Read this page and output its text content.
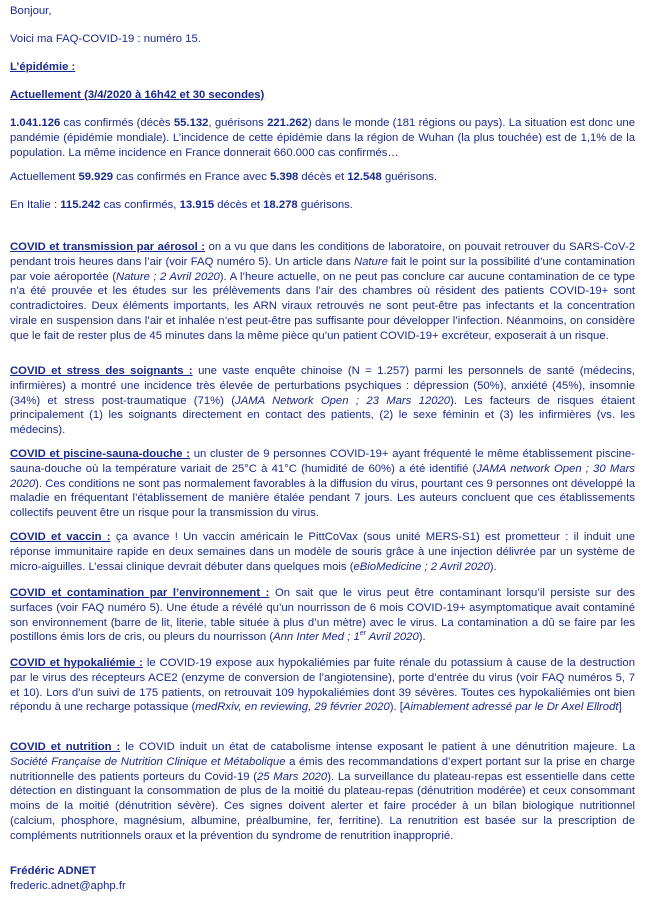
Bonjour,

Voici ma FAQ-COVID-19 : numéro 15.

L’épidémie :

Actuellement (3/4/2020 à 16h42 et 30 secondes)

1.041.126 cas confirmés (décès 55.132, guérisons 221.262) dans le monde (181 régions ou pays). La situation est donc une pandémie (épidémie mondiale). L’incidence de cette épidémie dans la région de Wuhan (la plus touchée) est de 1,1% de la population. La même incidence en France donnerait 660.000 cas confirmés…

Actuellement 59.929 cas confirmés en France avec 5.398 décès et 12.548 guérisons.

En Italie : 115.242 cas confirmés, 13.915 décès et 18.278 guérisons.

COVID et transmission par aérosol : on a vu que dans les conditions de laboratoire, on pouvait retrouver du SARS-CoV-2 pendant trois heures dans l’air (voir FAQ numéro 5). Un article dans Nature fait le point sur la possibilité d’une contamination par voie aéroportée (Nature ; 2 Avril 2020). A l’heure actuelle, on ne peut pas conclure car aucune contamination de ce type n’a été prouvée et les études sur les prélèvements dans l’air des chambres où résident des patients COVID-19+ sont contradictoires. Deux éléments importants, les ARN viraux retrouvés ne sont peut-être pas infectants et la concentration virale en suspension dans l’air et inhalée n’est peut-être pas suffisante pour développer l’infection. Néanmoins, on considère que le fait de rester plus de 45 minutes dans la même pièce qu’un patient COVID-19+ excréteur, exposerait à un risque.

COVID et stress des soignants : une vaste enquête chinoise (N = 1.257) parmi les personnels de santé (médecins, infirmières) a montré une incidence très élevée de perturbations psychiques : dépression (50%), anxiété (45%), insomnie (34%) et stress post-traumatique (71%) (JAMA Network Open ; 23 Mars 12020). Les facteurs de risques étaient principalement (1) les soignants directement en contact des patients, (2) le sexe féminin et (3) les infirmières (vs. les médecins).

COVID et piscine-sauna-douche : un cluster de 9 personnes COVID-19+ ayant fréquenté le même établissement piscine-sauna-douche où la température variait de 25°C à 41°C (humidité de 60%) a été identifié (JAMA network Open ; 30 Mars 2020). Ces conditions ne sont pas normalement favorables à la diffusion du virus, pourtant ces 9 personnes ont développé la maladie en fréquentant l’établissement de manière étalée pendant 7 jours. Les auteurs concluent que ces établissements collectifs peuvent être un risque pour la transmission du virus.

COVID et vaccin : ça avance ! Un vaccin américain le PittCoVax (sous unité MERS-S1) est prometteur : il induit une réponse immunitaire rapide en deux semaines dans un modèle de souris grâce à une injection délivrée par un système de micro-aiguilles. L’essai clinique devrait débuter dans quelques mois (eBioMedicine ; 2 Avril 2020).

COVID et contamination par l’environnement : On sait que le virus peut être contaminant lorsqu’il persiste sur des surfaces (voir FAQ numéro 5). Une étude a révélé qu’un nourrisson de 6 mois COVID-19+ asymptomatique avait contaminé son environnement (barre de lit, literie, table située à plus d’un mètre) avec le virus. La contamination a dû se faire par les postillons émis lors de cris, ou pleurs du nourrisson (Ann Inter Med ; 1er Avril 2020).

COVID et hypokaliémie : le COVID-19 expose aux hypokaliémies par fuite rénale du potassium à cause de la destruction par le virus des récepteurs ACE2 (enzyme de conversion de l’angiotensine), porte d’entrée du virus (voir FAQ numéros 5, 7 et 10). Lors d’un suivi de 175 patients, on retrouvait 109 hypokaliémies dont 39 sévères. Toutes ces hypokaliémies ont bien répondu à une recharge potassique (medRxiv, en reviewing, 29 février 2020). [Aimablement adressé par le Dr Axel Ellrodt]

COVID et nutrition : le COVID induit un état de catabolisme intense exposant le patient à une dénutrition majeure. La Société Française de Nutrition Clinique et Métabolique a émis des recommandations d’expert portant sur la prise en charge nutritionnelle des patients porteurs du Covid-19 (25 Mars 2020). La surveillance du plateau-repas est essentielle dans cette détection en distinguant la consommation de plus de la moitié du plateau-repas (dénutrition modérée) et ceux consommant moins de la moitié (dénutrition sévère). Ces signes doivent alerter et faire procéder à un bilan biologique nutritionnel (calcium, phosphore, magnésium, albumine, préalbumine, fer, ferritine). La renutrition est basée sur la prescription de compléments nutritionnels oraux et la prévention du syndrome de renutrition inapproprié.

Frédéric ADNET

frederic.adnet@aphp.fr
